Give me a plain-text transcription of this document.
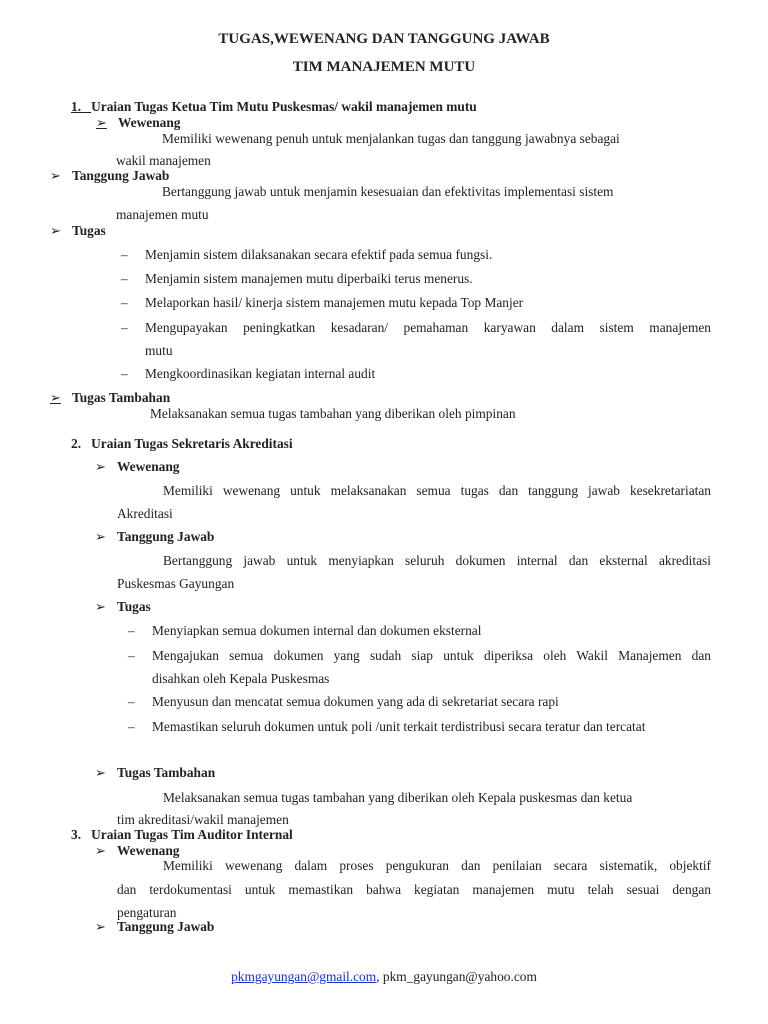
TUGAS,WEWENANG DAN TANGGUNG JAWAB
TIM MANAJEMEN MUTU
1. Uraian Tugas Ketua Tim Mutu Puskesmas/ wakil manajemen mutu
➢ Wewenang
Memiliki wewenang penuh untuk menjalankan tugas dan tanggung jawabnya sebagai
wakil manajemen
➢ Tanggung Jawab
Bertanggung jawab untuk menjamin kesesuaian dan efektivitas implementasi sistem
manajemen mutu
➢ Tugas
– Menjamin sistem dilaksanakan secara efektif pada semua fungsi.
– Menjamin sistem manajemen mutu diperbaiki terus menerus.
– Melaporkan hasil/ kinerja sistem manajemen mutu kepada Top Manjer
–	Mengupayakan peningkatkan kesadaran/ pemahaman karyawan dalam sistem manajemen
mutu
– Mengkoordinasikan kegiatan internal audit
➢ Tugas Tambahan
Melaksanakan semua tugas tambahan yang diberikan oleh pimpinan
2. Uraian Tugas Sekretaris Akreditasi
➢ Wewenang
Memiliki wewenang untuk melaksanakan semua tugas dan tanggung jawab kesekretariatan
Akreditasi
➢ Tanggung Jawab
Bertanggung jawab untuk menyiapkan seluruh dokumen internal dan eksternal akreditasi
Puskesmas Gayungan
➢ Tugas
– Menyiapkan semua dokumen internal dan dokumen eksternal
–	Mengajukan semua dokumen yang sudah siap untuk diperiksa oleh Wakil Manajemen dan
disahkan oleh Kepala Puskesmas
– Menyusun dan mencatat semua dokumen yang ada di sekretariat secara rapi
– Memastikan seluruh dokumen untuk poli /unit terkait terdistribusi secara teratur dan tercatat
➢ Tugas Tambahan
Melaksanakan semua tugas tambahan yang diberikan oleh Kepala puskesmas dan ketua
tim akreditasi/wakil manajemen
3. Uraian Tugas Tim Auditor Internal
➢ Wewenang
Memiliki wewenang dalam proses pengukuran dan penilaian secara sistematik, objektif
dan terdokumentasi untuk memastikan bahwa kegiatan manajemen mutu telah sesuai dengan
pengaturan
➢ Tanggung Jawab
pkmgayungan@gmail.com, pkm_gayungan@yahoo.com
